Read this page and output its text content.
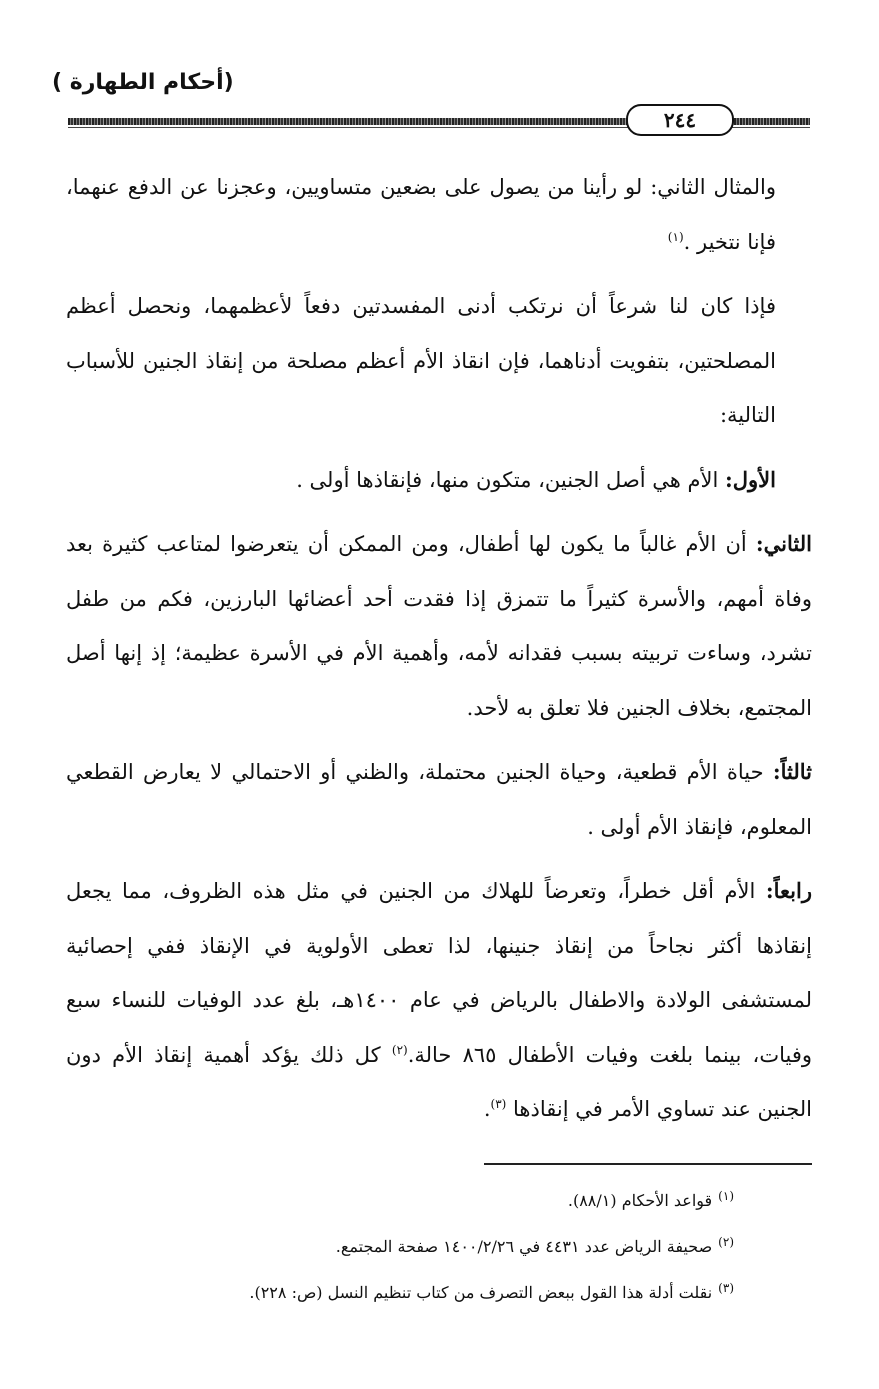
(أحكام الطهارة )
٢٤٤

والمثال الثاني: لو رأينا من يصول على بضعين متساويين، وعجزنا عن الدفع عنهما، فإنا نتخير .$^{(١)}$

فإذا كان لنا شرعاً أن نرتكب أدنى المفسدتين دفعاً لأعظمهما، ونحصل أعظم المصلحتين، بتفويت أدناهما، فإن انقاذ الأم أعظم مصلحة من إنقاذ الجنين للأسباب التالية:

الأول: الأم هي أصل الجنين، متكون منها، فإنقاذها أولى .

الثاني: أن الأم غالباً ما يكون لها أطفال، ومن الممكن أن يتعرضوا لمتاعب كثيرة بعد وفاة أمهم، والأسرة كثيراً ما تتمزق إذا فقدت أحد أعضائها البارزين، فكم من طفل تشرد، وساءت تربيته بسبب فقدانه لأمه، وأهمية الأم في الأسرة عظيمة؛ إذ إنها أصل المجتمع، بخلاف الجنين فلا تعلق به لأحد.

ثالثاً: حياة الأم قطعية، وحياة الجنين محتملة، والظني أو الاحتمالي لا يعارض القطعي المعلوم، فإنقاذ الأم أولى .

رابعاً: الأم أقل خطراً، وتعرضاً للهلاك من الجنين في مثل هذه الظروف، مما يجعل إنقاذها أكثر نجاحاً من إنقاذ جنينها، لذا تعطى الأولوية في الإنقاذ ففي إحصائية لمستشفى الولادة والاطفال بالرياض في عام ١٤٠٠هـ، بلغ عدد الوفيات للنساء سبع وفيات، بينما بلغت وفيات الأطفال ٨٦٥ حالة.$^{(٢)}$ كل ذلك يؤكد أهمية إنقاذ الأم دون الجنين عند تساوي الأمر في إنقاذها $^{(٣)}$.

$^{(١)}$قواعد الأحكام (٨٨/١).
$^{(٢)}$صحيفة الرياض عدد ٤٤٣١ في ١٤٠٠/٢/٢٦ صفحة المجتمع.
$^{(٣)}$نقلت أدلة هذا القول ببعض التصرف من كتاب تنظيم النسل (ص: ٢٢٨).
